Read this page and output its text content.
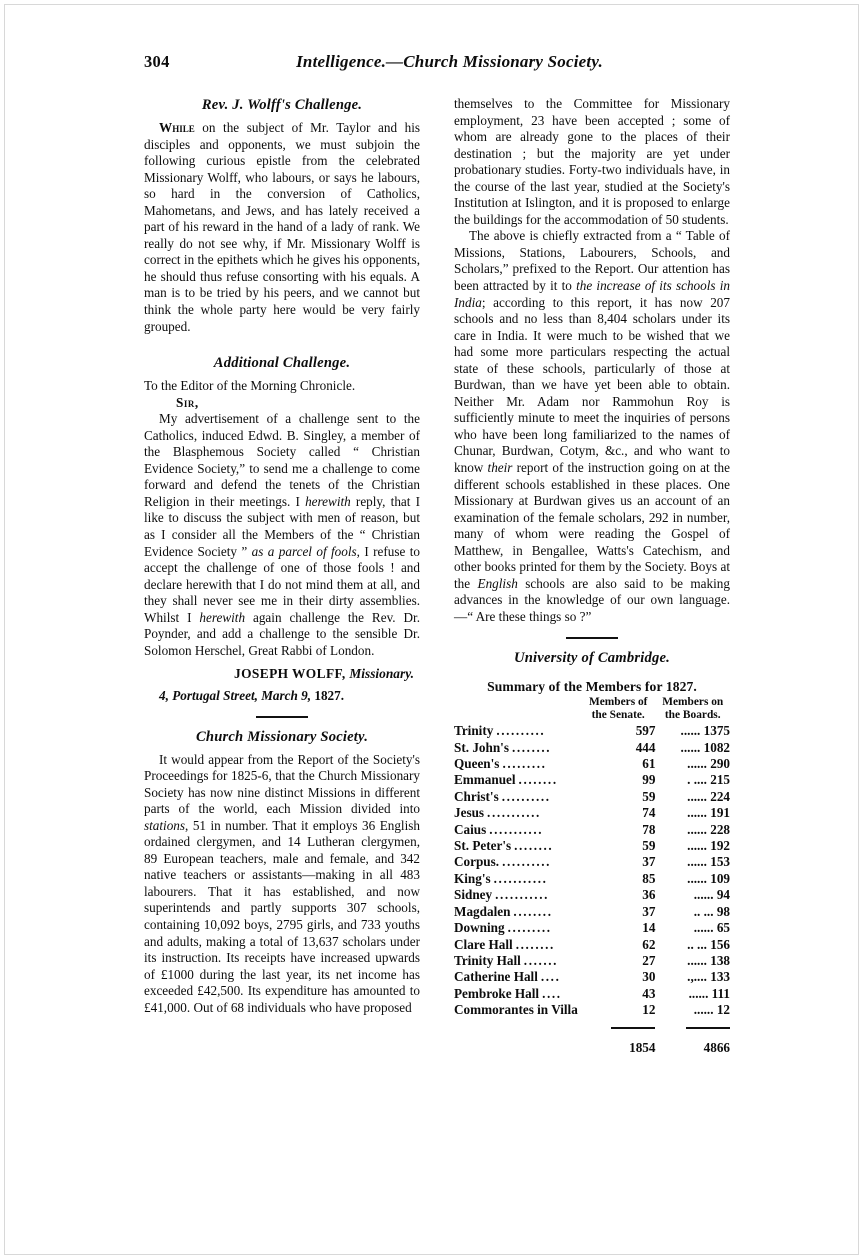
304	Intelligence.—Church Missionary Society.
Rev. J. Wolff's Challenge.

While on the subject of Mr. Taylor and his disciples and opponents, we must subjoin the following curious epistle from the celebrated Missionary Wolff, who labours, or says he labours, so hard in the conversion of Catholics, Mahometans, and Jews, and has lately received a part of his reward in the hand of a lady of rank. We really do not see why, if Mr. Missionary Wolff is correct in the epithets which he gives his opponents, he should thus refuse consorting with his equals. A man is to be tried by his peers, and we cannot but think the whole party here would be very fairly grouped.

Additional Challenge.

To the Editor of the Morning Chronicle.

Sir,

My advertisement of a challenge sent to the Catholics, induced Edwd. B. Singley, a member of the Blasphemous Society called “ Christian Evidence Society,” to send me a challenge to come forward and defend the tenets of the Christian Religion in their meetings. I herewith reply, that I like to discuss the subject with men of reason, but as I consider all the Members of the “ Christian Evidence Society ” as a parcel of fools, I refuse to accept the challenge of one of those fools ! and declare herewith that I do not mind them at all, and they shall never see me in their dirty assemblies. Whilst I herewith again challenge the Rev. Dr. Poynder, and add a challenge to the sensible Dr. Solomon Herschel, Great Rabbi of London.

JOSEPH WOLFF, Missionary.

4, Portugal Street, March 9, 1827.

Church Missionary Society.

It would appear from the Report of the Society's Proceedings for 1825-6, that the Church Missionary Society has now nine distinct Missions in different parts of the world, each Mission divided into stations, 51 in number. That it employs 36 English ordained clergymen, and 14 Lutheran clergymen, 89 European teachers, male and female, and 342 native teachers or assistants—making in all 483 labourers. That it has established, and now superintends and partly supports 307 schools, containing 10,092 boys, 2795 girls, and 733 youths and adults, making a total of 13,637 scholars under its instruction. Its receipts have increased upwards of £1000 during the last year, its net income has exceeded £42,500. Its expenditure has amounted to £41,000. Out of 68 individuals who have proposed

themselves to the Committee for Missionary employment, 23 have been accepted ; some of whom are already gone to the places of their destination ; but the majority are yet under probationary studies. Forty-two individuals have, in the course of the last year, studied at the Society's Institution at Islington, and it is proposed to enlarge the buildings for the accommodation of 50 students.

The above is chiefly extracted from a “ Table of Missions, Stations, Labourers, Schools, and Scholars,” prefixed to the Report. Our attention has been attracted by it to the increase of its schools in India; according to this report, it has now 207 schools and no less than 8,404 scholars under its care in India. It were much to be wished that we had some more particulars respecting the actual state of these schools, particularly of those at Burdwan, than we have yet been able to obtain. Neither Mr. Adam nor Rammohun Roy is sufficiently minute to meet the inquiries of persons who have been long familiarized to the names of Chunar, Burdwan, Cotym, &c., and who want to know their report of the instruction going on at the different schools established in these places. One Missionary at Burdwan gives us an account of an examination of the female scholars, 292 in number, many of whom were reading the Gospel of Matthew, in Bengallee, Watts's Catechism, and other books printed for them by the Society. Boys at the English schools are also said to be making advances in the knowledge of our own language.—“ Are these things so ?”

University of Cambridge.
Summary of the Members for 1827.
	Members of
the Senate.	Members on
the Boards.
Trinity ..........	597	...... 1375
St. John's ........	444	...... 1082
Queen's .........	61	...... 290
Emmanuel ........	99	. .... 215
Christ's ..........	59	...... 224
Jesus ...........	74	...... 191
Caius ...........	78	...... 228
St. Peter's ........	59	...... 192
Corpus. ..........	37	...... 153
King's ...........	85	...... 109
Sidney ...........	36	...... 94
Magdalen ........	37	.. ... 98
Downing .........	14	...... 65
Clare Hall ........	62	.. ... 156
Trinity Hall .......	27	...... 138
Catherine Hall ....	30	.,.... 133
Pembroke Hall ....	43	...... 111
Commorantes in Villa	12	...... 12

	1854	4866
